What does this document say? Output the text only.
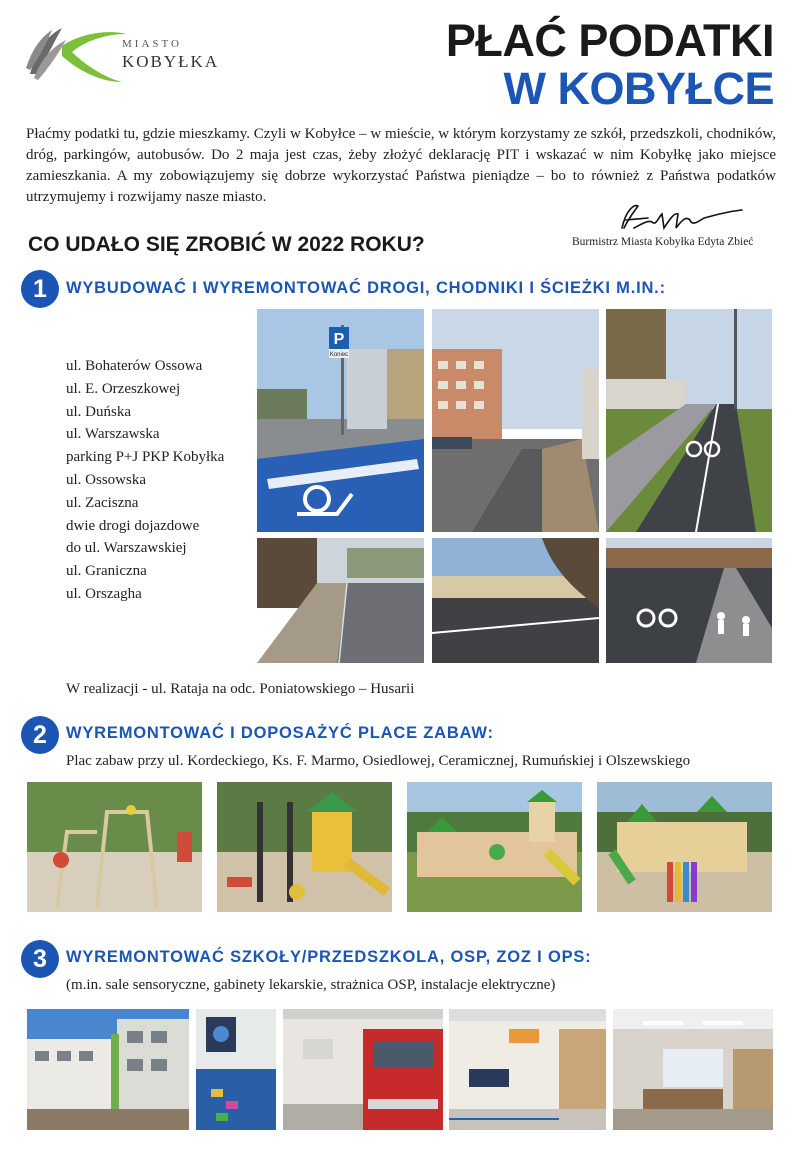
MIASTO
KOBYŁKA	PŁAĆ PODATKI
W KOBYŁCE

Płaćmy podatki tu, gdzie mieszkamy. Czyli w Kobyłce – w mieście, w którym korzystamy ze szkół, przedszkoli, chodników, dróg, parkingów, autobusów. Do 2 maja jest czas, żeby złożyć deklarację PIT i wskazać w nim Kobyłkę jako miejsce zamieszkania. A my zobowiązujemy się dobrze wykorzystać Państwa pieniądze – bo to również z Państwa podatków utrzymujemy i rozwijamy nasze miasto.

Burmistrz Miasta Kobyłka Edyta Zbieć
CO UDAŁO SIĘ ZROBIĆ W 2022 ROKU?
1	WYBUDOWAĆ I WYREMONTOWAĆ DROGI, CHODNIKI I ŚCIEŻKI M.IN.:
ul. Bohaterów Ossowa
ul. E. Orzeszkowej
ul. Duńska
ul. Warszawska
parking P+J PKP Kobyłka
ul. Ossowska
ul. Zaciszna
dwie drogi dojazdowe
do ul. Warszawskiej
ul. Graniczna
ul. Orszagha
P
Koniec
W realizacji - ul. Rataja na odc. Poniatowskiego – Husarii
2	WYREMONTOWAĆ I DOPOSAŻYĆ PLACE ZABAW:
Plac zabaw przy ul. Kordeckiego, Ks. F. Marmo, Osiedlowej, Ceramicznej, Rumuńskiej i Olszewskiego
3	WYREMONTOWAĆ SZKOŁY/PRZEDSZKOLA, OSP, ZOZ I OPS:
(m.in. sale sensoryczne, gabinety lekarskie, strażnica OSP, instalacje elektryczne)
